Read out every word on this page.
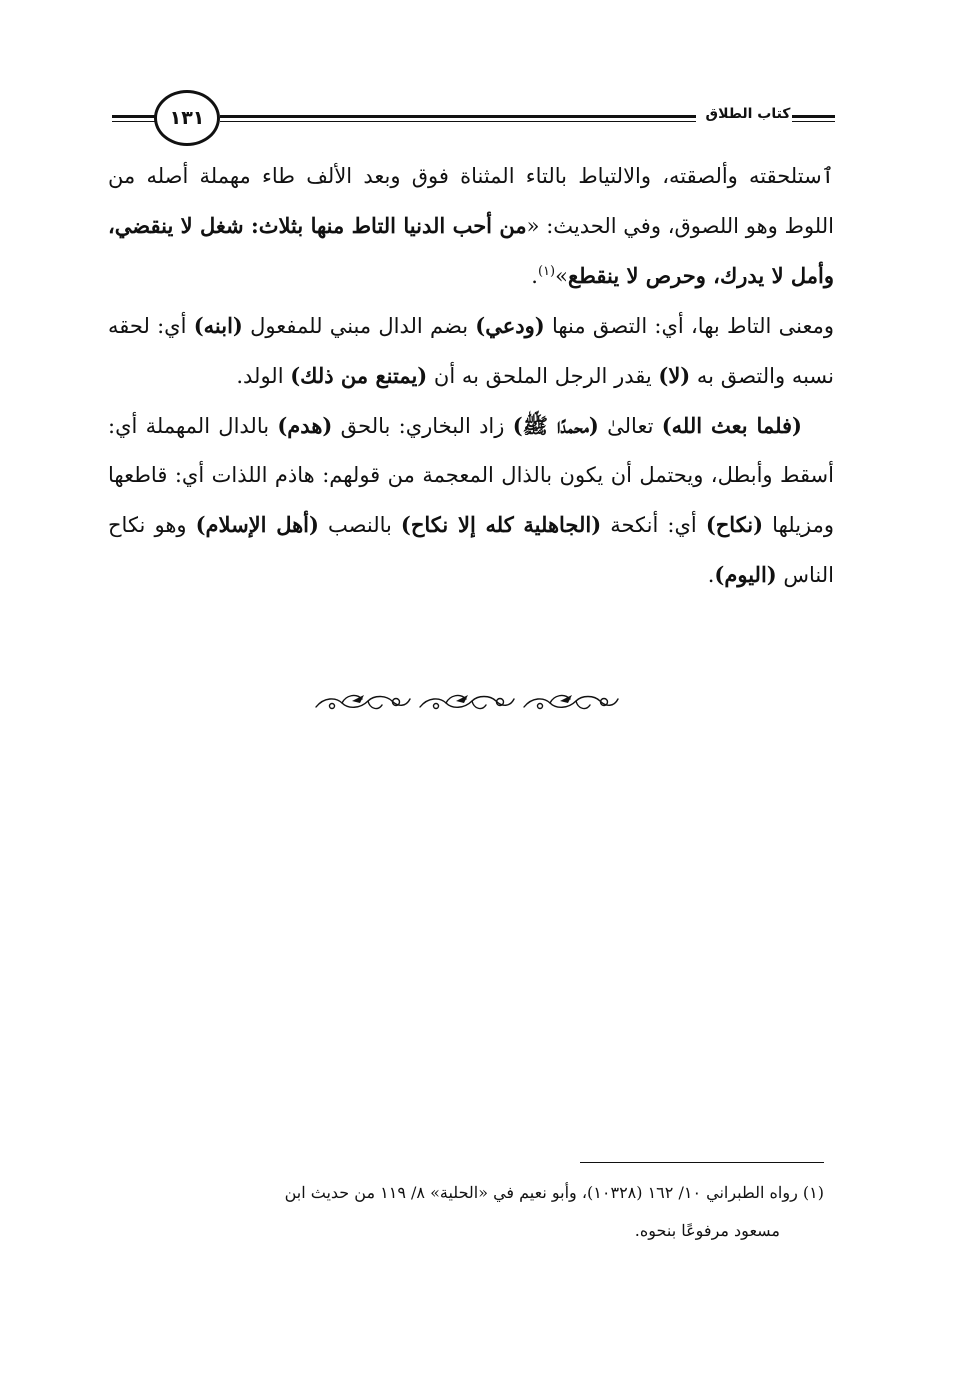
١٣١	كتاب الطلاق

ٱستلحقته وألصقته، والالتياط بالتاء المثناة فوق وبعد الألف طاء مهملة أصله من اللوط وهو اللصوق، وفي الحديث: «من أحب الدنيا التاط منها بثلاث: شغل لا ينقضي، وأمل لا يدرك، وحرص لا ينقطع»$^{(١)}$.
ومعنى التاط بها، أي: التصق منها (ودعي) بضم الدال مبني للمفعول (ابنه) أي: لحقه نسبه والتصق به (لا) يقدر الرجل الملحق به أن (يمتنع من ذلك) الولد.

(فلما بعث الله) تعالىٰ (محمدًا ﷺ) زاد البخاري: بالحق (هدم) بالدال المهملة أي: أسقط وأبطل، ويحتمل أن يكون بالذال المعجمة من قولهم: هاذم اللذات أي: قاطعها ومزيلها (نكاح) أي: أنكحة (الجاهلية كله إلا نكاح) بالنصب (أهل الإسلام) وهو نكاح الناس (اليوم).

(١) رواه الطبراني ١٠/ ١٦٢ (١٠٣٢٨)، وأبو نعيم في «الحلية» ٨/ ١١٩ من حديث ابن
مسعود مرفوعًا بنحوه.
